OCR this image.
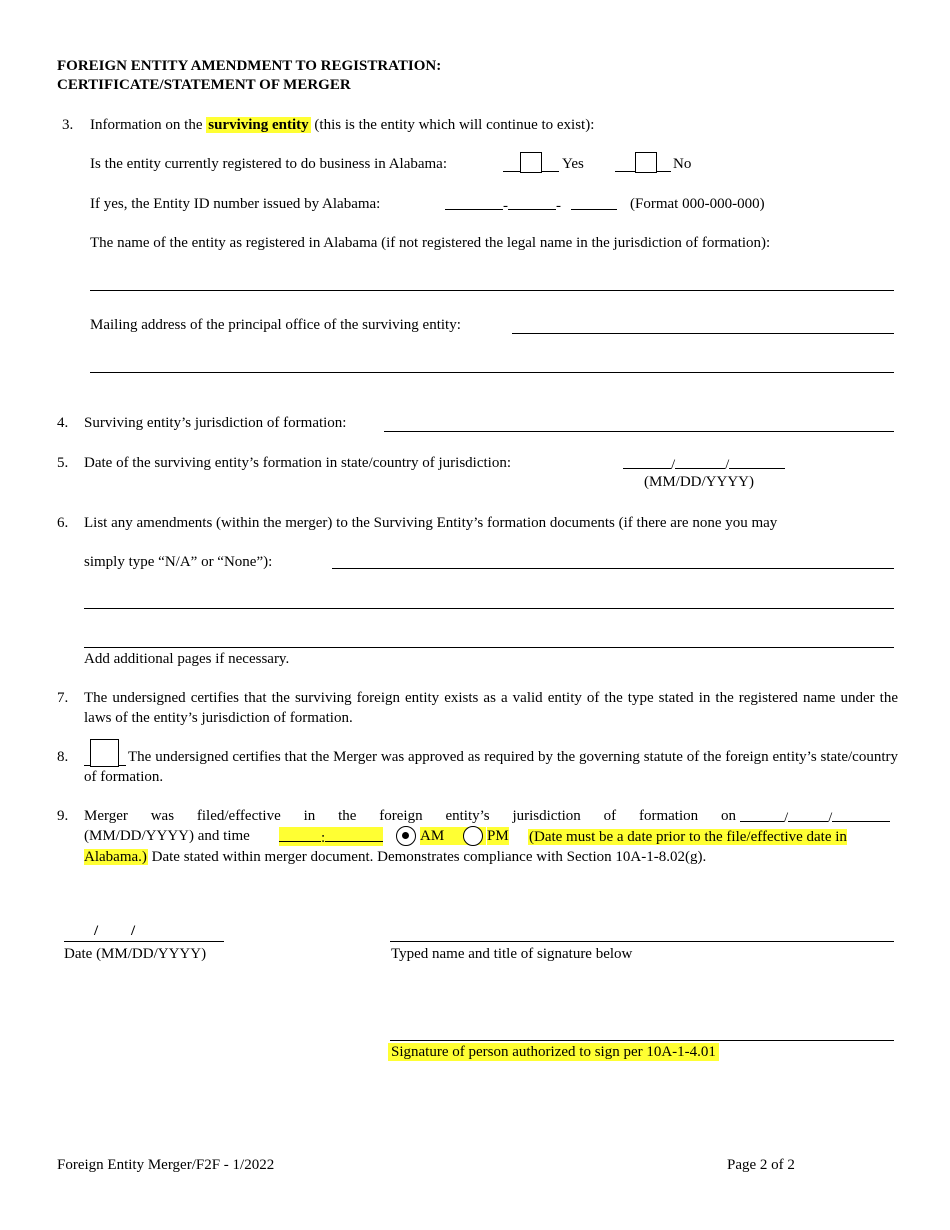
FOREIGN ENTITY AMENDMENT TO REGISTRATION:
CERTIFICATE/STATEMENT OF MERGER
3. Information on the surviving entity (this is the entity which will continue to exist):
Is the entity currently registered to do business in Alabama:	Yes	No
If yes, the Entity ID number issued by Alabama:	-	-	(Format 000-000-000)
The name of the entity as registered in Alabama (if not registered the legal name in the jurisdiction of formation):
Mailing address of the principal office of the surviving entity:
4. Surviving entity’s jurisdiction of formation:
5. Date of the surviving entity’s formation in state/country of jurisdiction:	/	/
(MM/DD/YYYY)
6. List any amendments (within the merger) to the Surviving Entity’s formation documents (if there are none you may
simply type “N/A” or “None”):
Add additional pages if necessary.
7. The undersigned certifies that the surviving foreign entity exists as a valid entity of the type stated in the registered name under the laws of the entity’s jurisdiction of formation.
8.	The undersigned certifies that the Merger was approved as required by the governing statute of the foreign entity’s state/country of formation.
9. Merger was filed/effective in the foreign entity’s jurisdiction of formation on	/	/
(MM/DD/YYYY) and time	:	AM	PM	(Date must be a date prior to the file/effective date in Alabama.) Date stated within merger document. Demonstrates compliance with Section 10A-1-8.02(g).
/ /
Date (MM/DD/YYYY)	Typed name and title of signature below
Signature of person authorized to sign per 10A-1-4.01
Foreign Entity Merger/F2F - 1/2022	Page 2 of 2
